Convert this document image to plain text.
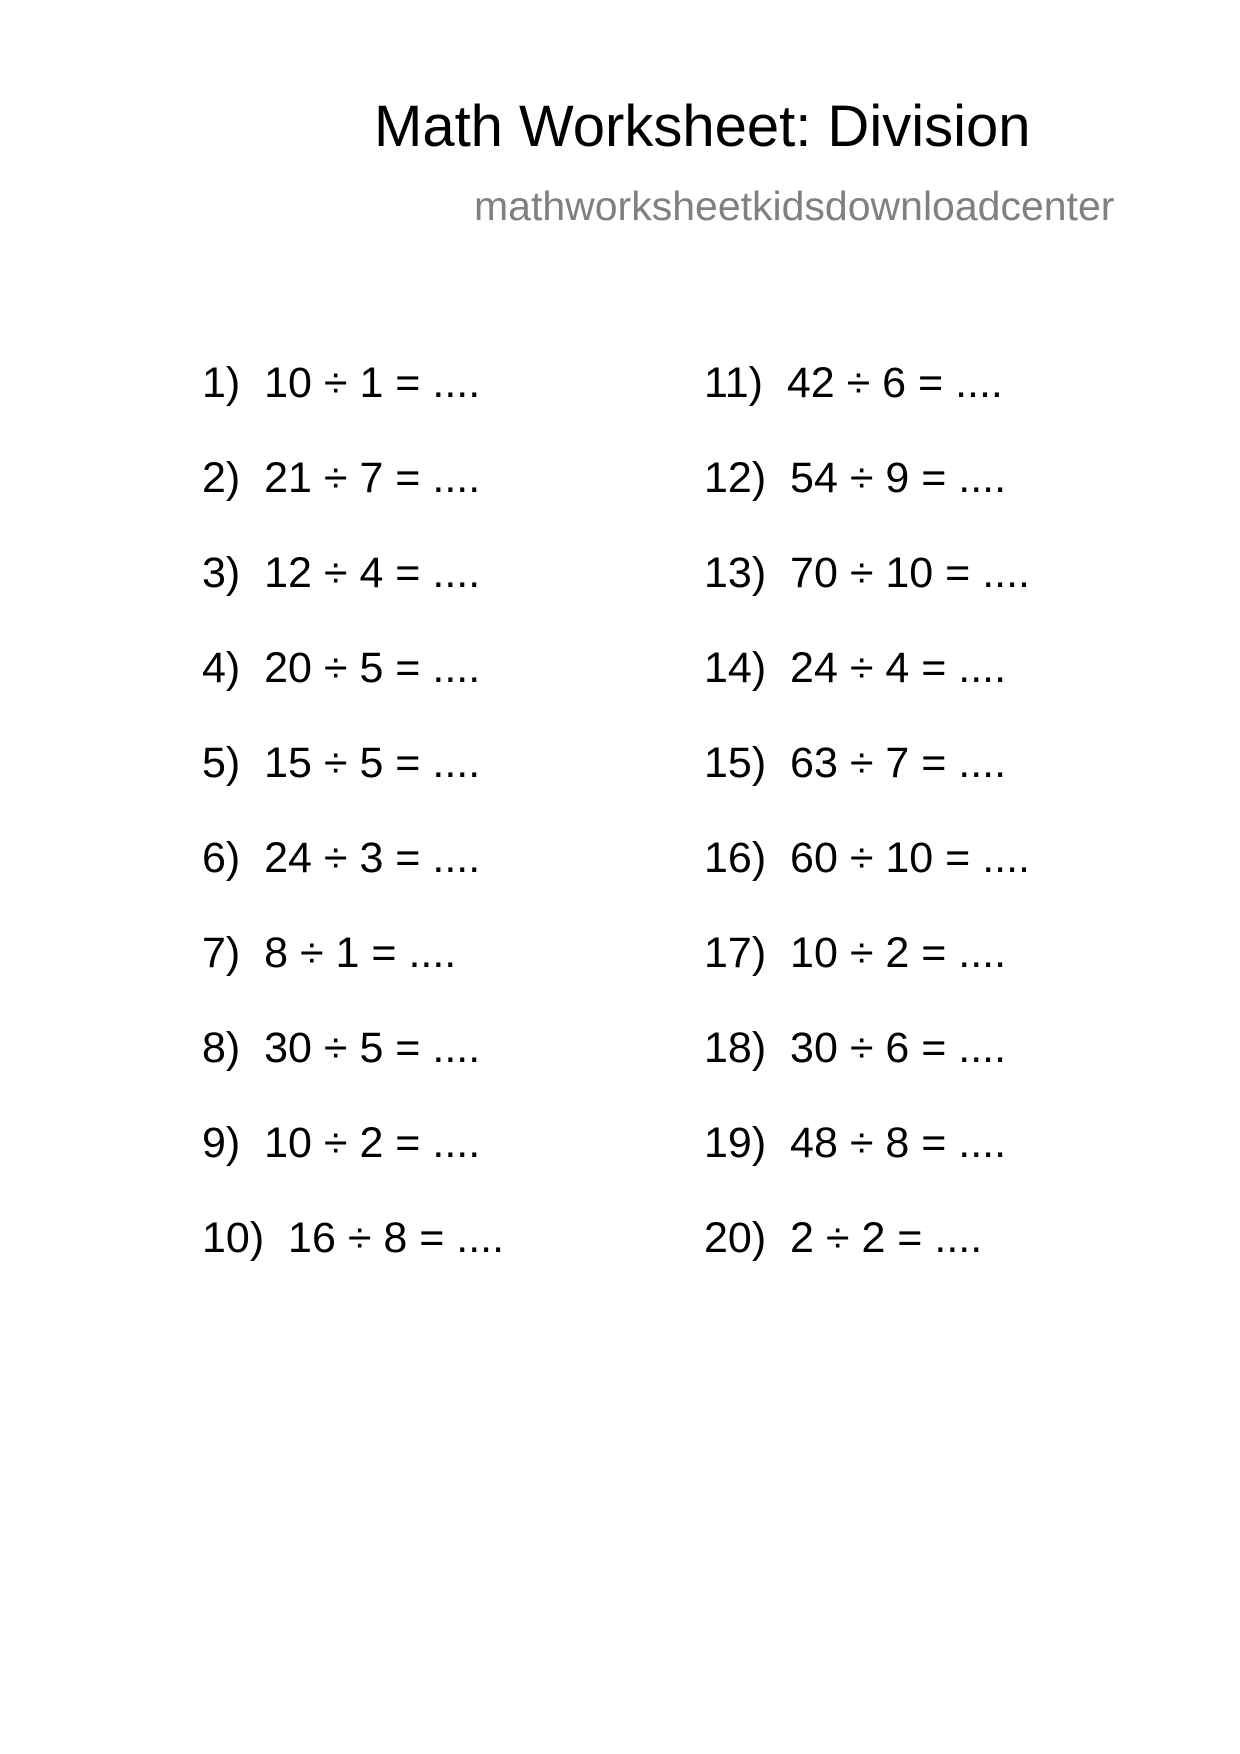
Math Worksheet: Division
mathworksheetkidsdownloadcenter
1)  10 ÷ 1 = ....
2)  21 ÷ 7 = ....
3)  12 ÷ 4 = ....
4)  20 ÷ 5 = ....
5)  15 ÷ 5 = ....
6)  24 ÷ 3 = ....
7)  8 ÷ 1 = ....
8)  30 ÷ 5 = ....
9)  10 ÷ 2 = ....
10)  16 ÷ 8 = ....
11)  42 ÷ 6 = ....
12)  54 ÷ 9 = ....
13)  70 ÷ 10 = ....
14)  24 ÷ 4 = ....
15)  63 ÷ 7 = ....
16)  60 ÷ 10 = ....
17)  10 ÷ 2 = ....
18)  30 ÷ 6 = ....
19)  48 ÷ 8 = ....
20)  2 ÷ 2 = ....
